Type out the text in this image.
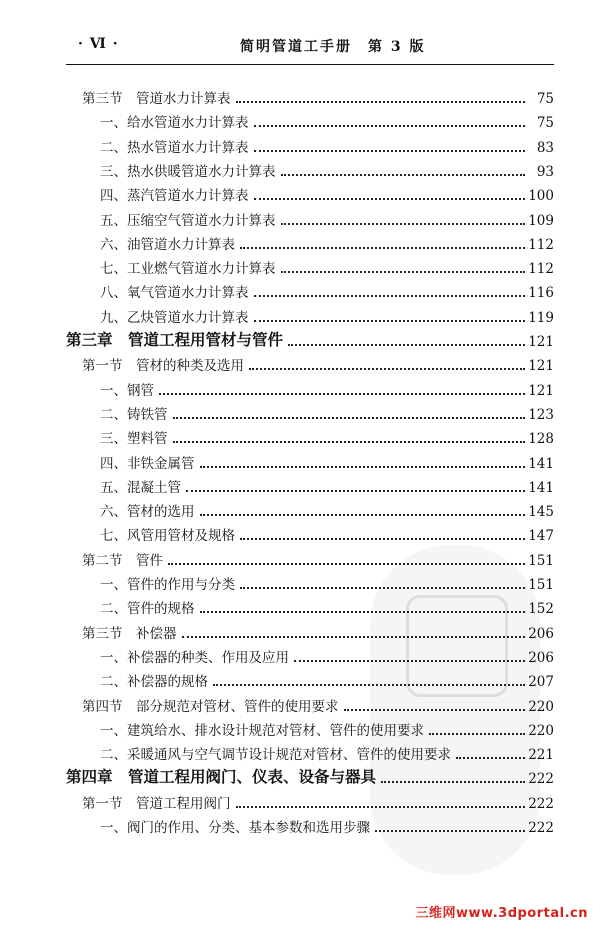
· Ⅵ ·	简明管道工手册　第 3 版
第三节　管道水力计算表	75
一、给水管道水力计算表	75
二、热水管道水力计算表	83
三、热水供暖管道水力计算表	93
四、蒸汽管道水力计算表	100
五、压缩空气管道水力计算表	109
六、油管道水力计算表	112
七、工业燃气管道水力计算表	112
八、氧气管道水力计算表	116
九、乙炔管道水力计算表	119
第三章　管道工程用管材与管件	121
第一节　管材的种类及选用	121
一、钢管	121
二、铸铁管	123
三、塑料管	128
四、非铁金属管	141
五、混凝土管	141
六、管材的选用	145
七、风管用管材及规格	147
第二节　管件	151
一、管件的作用与分类	151
二、管件的规格	152
第三节　补偿器	206
一、补偿器的种类、作用及应用	206
二、补偿器的规格	207
第四节　部分规范对管材、管件的使用要求	220
一、建筑给水、排水设计规范对管材、管件的使用要求	220
二、采暖通风与空气调节设计规范对管材、管件的使用要求	221
第四章　管道工程用阀门、仪表、设备与器具	222
第一节　管道工程用阀门	222
一、阀门的作用、分类、基本参数和选用步骤	222
三维网www.3dportal.cn
